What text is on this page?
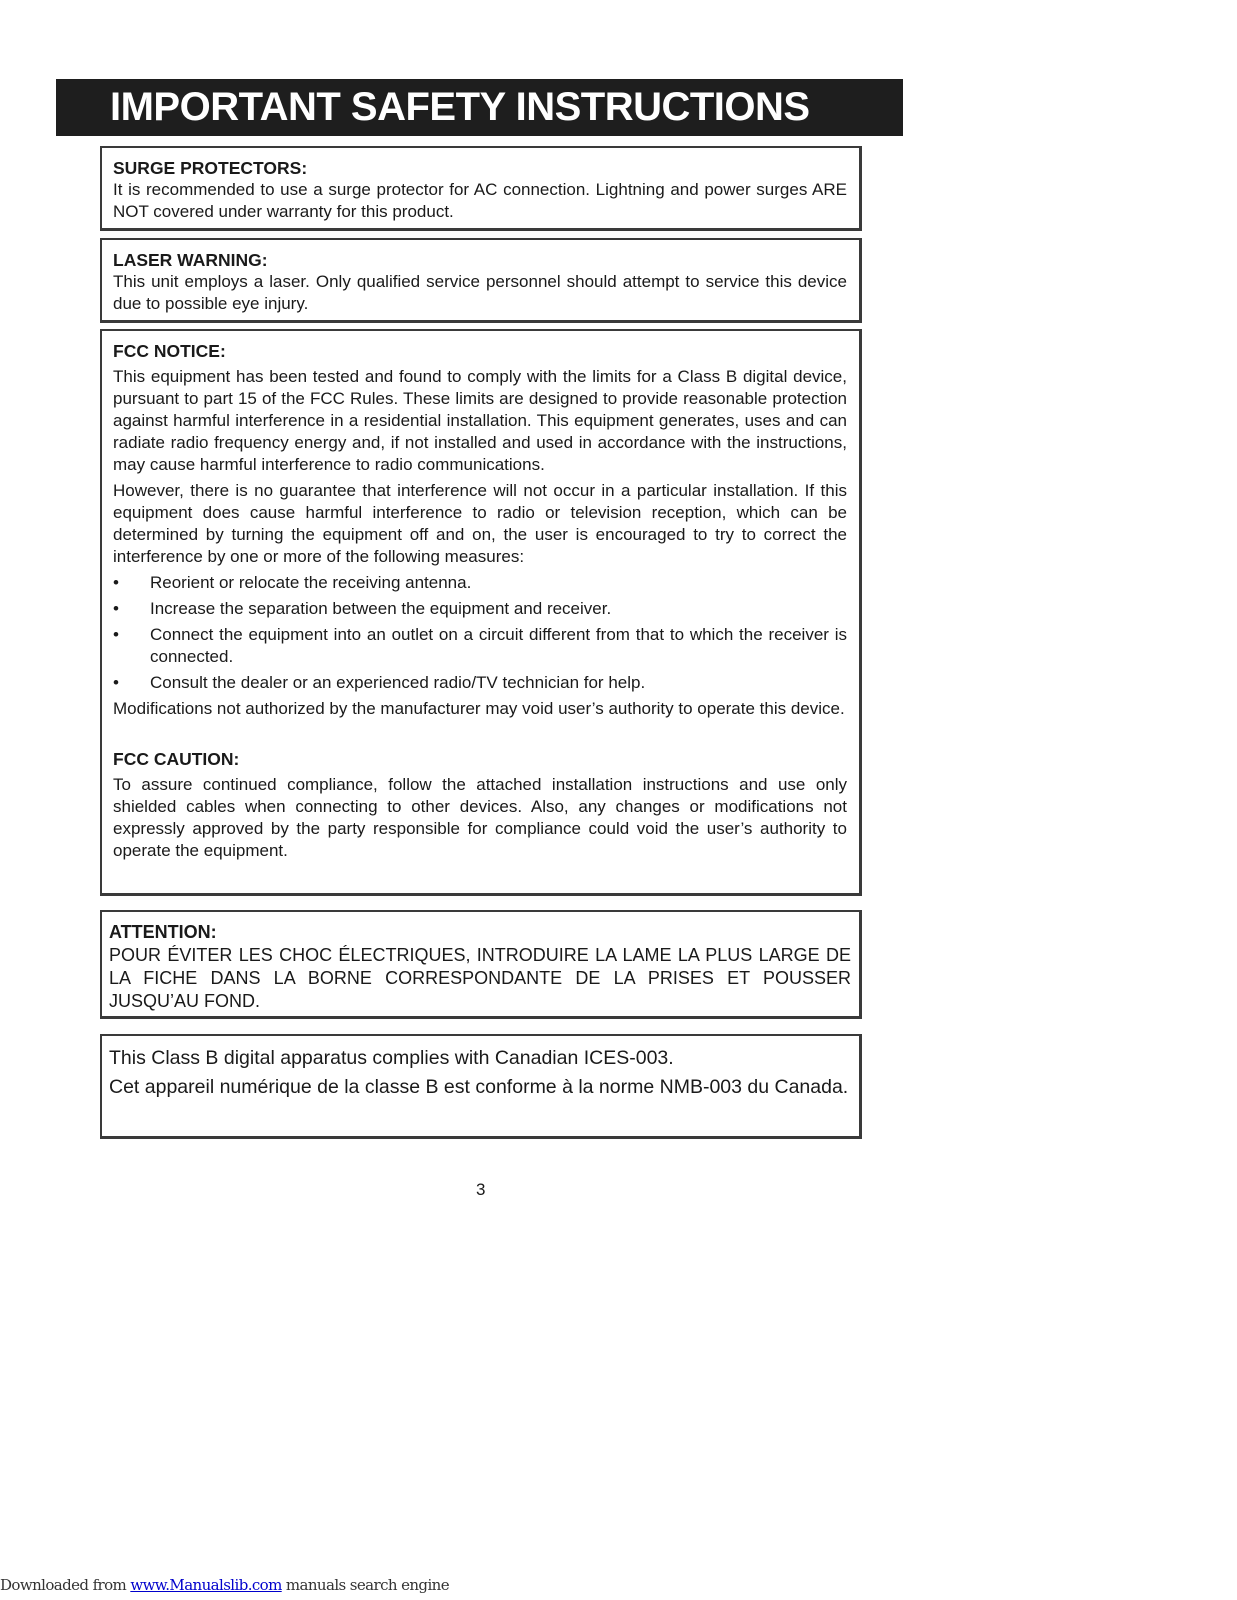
IMPORTANT SAFETY INSTRUCTIONS
SURGE PROTECTORS:

It is recommended to use a surge protector for AC connection. Lightning and power surges ARE NOT covered under warranty for this product.

LASER WARNING:

This unit employs a laser. Only qualified service personnel should attempt to service this device due to possible eye injury.

FCC NOTICE:

This equipment has been tested and found to comply with the limits for a Class B digital device, pursuant to part 15 of the FCC Rules. These limits are designed to provide reasonable protection against harmful interference in a residential installation. This equipment generates, uses and can radiate radio frequency energy and, if not installed and used in accordance with the instructions, may cause harmful interference to radio communications.

However, there is no guarantee that interference will not occur in a particular installation. If this equipment does cause harmful interference to radio or television reception, which can be determined by turning the equipment off and on, the user is encouraged to try to correct the interference by one or more of the following measures:

•	Reorient or relocate the receiving antenna.
•	Increase the separation between the equipment and receiver.
•	Connect the equipment into an outlet on a circuit different from that to which the receiver is connected.
•	Consult the dealer or an experienced radio/TV technician for help.

Modifications not authorized by the manufacturer may void user’s authority to operate this device.

FCC CAUTION:

To assure continued compliance, follow the attached installation instructions and use only shielded cables when connecting to other devices. Also, any changes or modifications not expressly approved by the party responsible for compliance could void the user’s authority to operate the equipment.

ATTENTION:

POUR ÉVITER LES CHOC ÉLECTRIQUES, INTRODUIRE LA LAME LA PLUS LARGE DE LA FICHE DANS LA BORNE CORRESPONDANTE DE LA PRISES ET POUSSER JUSQU’AU FOND.

This Class B digital apparatus complies with Canadian ICES-003.

Cet appareil numérique de la classe B est conforme à la norme NMB-003 du Canada.

3
Downloaded from www.Manualslib.com manuals search engine
